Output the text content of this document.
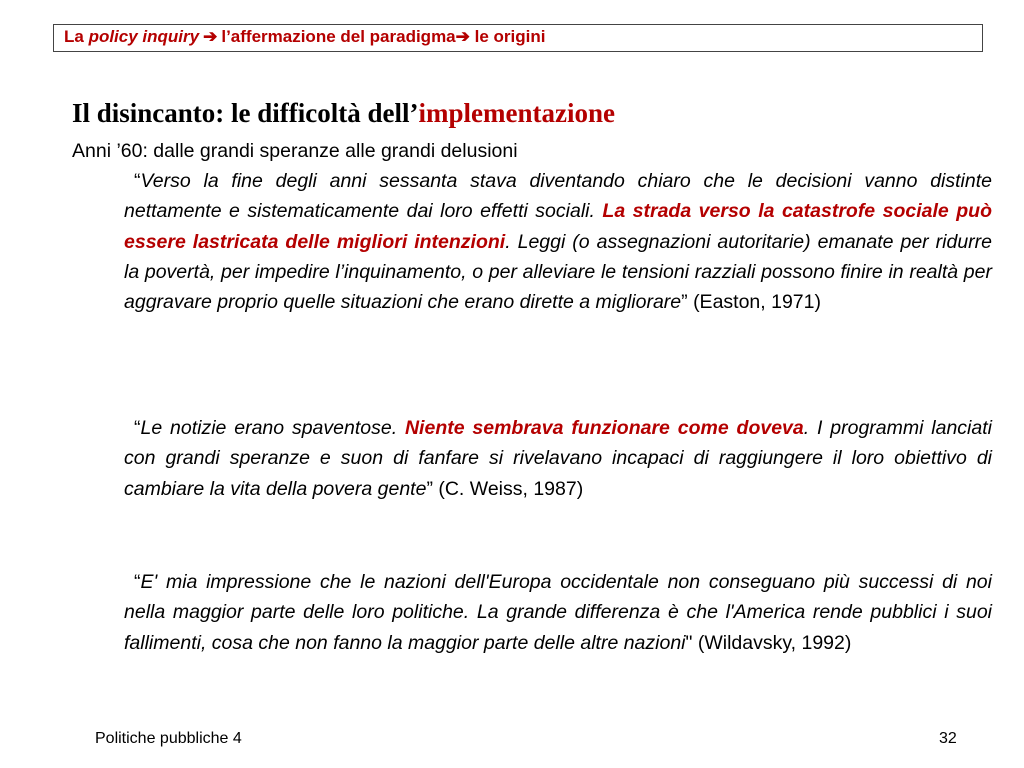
La policy inquiry ➔ l’affermazione del paradigma➔ le origini
Il disincanto: le difficoltà dell’implementazione
Anni ’60: dalle grandi speranze alle grandi delusioni
“Verso la fine degli anni sessanta stava diventando chiaro che le decisioni vanno distinte nettamente e sistematicamente dai loro effetti sociali. La strada verso la catastrofe sociale può essere lastricata delle migliori intenzioni. Leggi (o assegnazioni autoritarie) emanate per ridurre la povertà, per impedire l’inquinamento, o per alleviare le tensioni razziali possono finire in realtà per aggravare proprio quelle situazioni che erano dirette a migliorare” (Easton, 1971)
“Le notizie erano spaventose. Niente sembrava funzionare come doveva. I programmi lanciati con grandi speranze e suon di fanfare si rivelavano incapaci di raggiungere il loro obiettivo di cambiare la vita della povera gente” (C. Weiss, 1987)
“E' mia impressione che le nazioni dell'Europa occidentale non conseguano più successi di noi nella maggior parte delle loro politiche. La grande differenza è che l'America rende pubblici i suoi fallimenti, cosa che non fanno la maggior parte delle altre nazioni" (Wildavsky, 1992)
Politiche pubbliche 4	32
